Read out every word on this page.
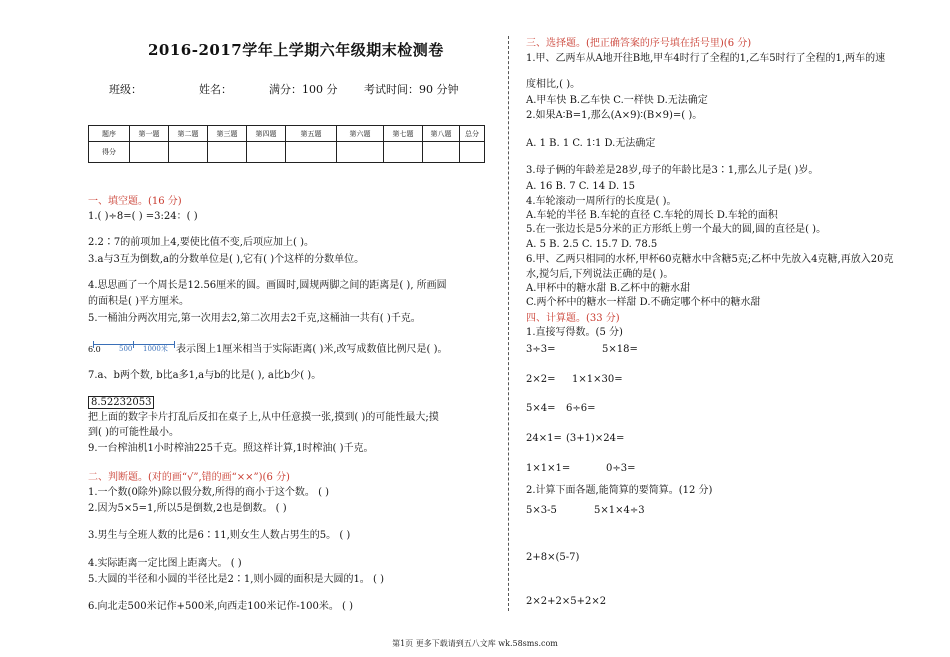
2016-2017学年上学期六年级期末检测卷
班级：	姓名：	满分：100 分 考试时间：90 分钟
题序	第一题	第二题	第三题	第四题	第五题	第六题	第七题	第八题	总分
得分									
一、填空题。(16 分)
1.( )÷8=( ) =3:24：( )
2.2∶7的前项加上4,要使比值不变,后项应加上( )。
3.a与3互为倒数,a的分数单位是( ),它有( )个这样的分数单位。
4.思思画了一个周长是12.56厘米的圆。画圆时,圆规两脚之间的距离是( ), 所画圆
的面积是( )平方厘米。
5.一桶油分两次用完,第一次用去2,第二次用去2千克,这桶油一共有( )千克。
6.0	500 1000米 表示图上1厘米相当于实际距离( )米,改写成数值比例尺是( )。
7.a、b两个数, b比a多1,a与b的比是( ), a比b少( )。
8.52232053
把上面的数字卡片打乱后反扣在桌子上,从中任意摸一张,摸到( )的可能性最大;摸
到( )的可能性最小。
9.一台榨油机1小时榨油225千克。照这样计算,1时榨油( )千克。
二、判断题。(对的画“√”,错的画“××”)(6 分)
1.一个数(0除外)除以假分数,所得的商小于这个数。 ( )
2.因为5×5=1,所以5是倒数,2也是倒数。 ( )
3.男生与全班人数的比是6∶11,则女生人数占男生的5。 ( )
4.实际距离一定比图上距离大。 ( )
5.大圆的半径和小圆的半径比是2∶1,则小圆的面积是大圆的1。 ( )
6.向北走500米记作+500米,向西走100米记作-100米。 ( )
三、选择题。(把正确答案的序号填在括号里)(6 分)
1.甲、乙两车从A地开往B地,甲车4时行了全程的1,乙车5时行了全程的1,两车的速
度相比,( )。
A.甲车快 B.乙车快 C.一样快 D.无法确定
2.如果A∶B=1,那么(A×9)∶(B×9)=( )。
A. 1 B. 1 C. 1∶1 D.无法确定
3.母子俩的年龄差是28岁,母子的年龄比是3∶1,那么儿子是( )岁。
A. 16 B. 7 C. 14 D. 15
4.车轮滚动一周所行的长度是( )。
A.车轮的半径 B.车轮的直径 C.车轮的周长 D.车轮的面积
5.在一张边长是5分米的正方形纸上剪一个最大的圆,圆的直径是( )。
A. 5 B. 2.5 C. 15.7 D. 78.5
6.甲、乙两只相同的水杯,甲杯60克糖水中含糖5克;乙杯中先放入4克糖,再放入20克
水,搅匀后,下列说法正确的是( )。
A.甲杯中的糖水甜 B.乙杯中的糖水甜
C.两个杯中的糖水一样甜 D.不确定哪个杯中的糖水甜
四、计算题。(33 分)
1.直接写得数。(5 分)
3÷3=	5×18=
2×2= 1×1×30=
5×4= 6÷6=
24×1= (3+1)×24=
1×1×1=	0÷3=
2.计算下面各题,能简算的要简算。(12 分)
5×3-5	5×1×4÷3
2+8×(5-7)
2×2+2×5+2×2
第1页 更多下载请到五八文库 wk.58sms.com
